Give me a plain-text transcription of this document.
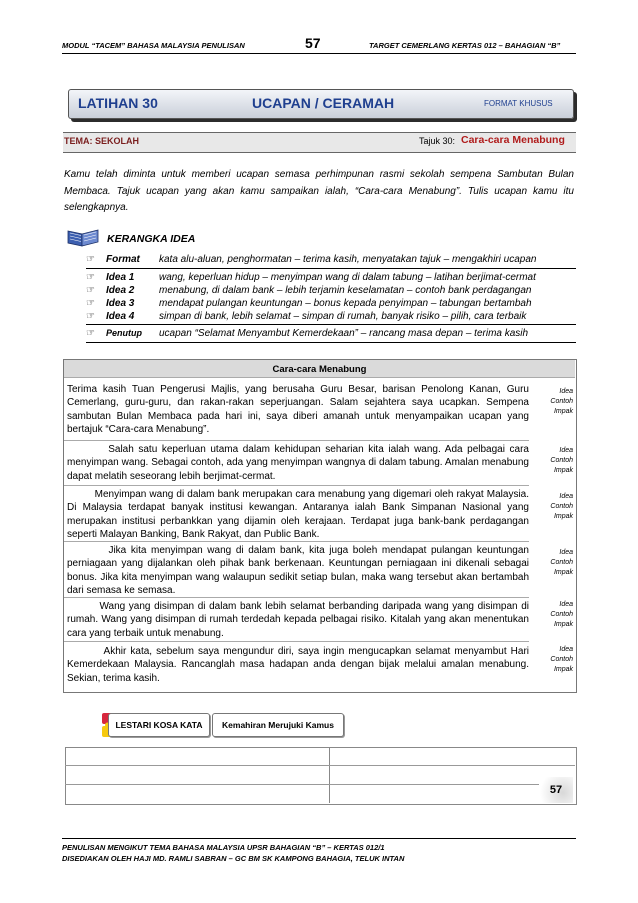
MODUL “TACEM” BAHASA MALAYSIA PENULISAN	57	TARGET CEMERLANG KERTAS 012 – BAHAGIAN “B”
LATIHAN 30	UCAPAN / CERAMAH	FORMAT KHUSUS
TEMA: SEKOLAH	Tajuk 30: Cara-cara Menabung
Kamu telah diminta untuk memberi ucapan semasa perhimpunan rasmi sekolah sempena Sambutan Bulan Membaca. Tajuk ucapan yang akan kamu sampaikan ialah, “Cara-cara Menabung”. Tulis ucapan kamu itu selengkapnya.
KERANGKA IDEA
☞ Format kata alu-aluan, penghormatan – terima kasih, menyatakan tajuk – mengakhiri ucapan
☞ Idea 1 wang, keperluan hidup – menyimpan wang di dalam tabung – latihan berjimat-cermat
☞ Idea 2 menabung, di dalam bank – lebih terjamin keselamatan – contoh bank perdagangan
☞ Idea 3 mendapat pulangan keuntungan – bonus kepada penyimpan – tabungan bertambah
☞ Idea 4 simpan di bank, lebih selamat – simpan di rumah, banyak risiko – pilih, cara terbaik
☞ Penutup ucapan “Selamat Menyambut Kemerdekaan” – rancang masa depan – terima kasih
Cara-cara Menabung
Terima kasih Tuan Pengerusi Majlis, yang berusaha Guru Besar, barisan Penolong Kanan, Guru Cemerlang, guru-guru, dan rakan-rakan seperjuangan. Salam sejahtera saya ucapkan. Sempena sambutan Bulan Membaca pada hari ini, saya diberi amanah untuk menyampaikan ucapan yang bertajuk “Cara-cara Menabung”.
Idea
Contoh
Impak
Salah satu keperluan utama dalam kehidupan seharian kita ialah wang. Ada pelbagai cara menyimpan wang. Sebagai contoh, ada yang menyimpan wangnya di dalam tabung. Amalan menabung dapat melatih seseorang lebih berjimat-cermat.
Idea
Contoh
Impak
Menyimpan wang di dalam bank merupakan cara menabung yang digemari oleh rakyat Malaysia. Di Malaysia terdapat banyak institusi kewangan. Antaranya ialah Bank Simpanan Nasional yang merupakan institusi perbankkan yang dijamin oleh kerajaan. Terdapat juga bank-bank perdagangan seperti Malayan Banking, Bank Rakyat, dan Public Bank.
Idea
Contoh
Impak
Jika kita menyimpan wang di dalam bank, kita juga boleh mendapat pulangan keuntungan perniagaan yang dijalankan oleh pihak bank berkenaan. Keuntungan perniagaan ini dikenali sebagai bonus. Jika kita menyimpan wang walaupun sedikit setiap bulan, maka wang tersebut akan bertambah dari semasa ke semasa.
Idea
Contoh
Impak
Wang yang disimpan di dalam bank lebih selamat berbanding daripada wang yang disimpan di rumah. Wang yang disimpan di rumah terdedah kepada pelbagai risiko. Kitalah yang akan menentukan cara yang terbaik untuk menabung.
Idea
Contoh
Impak
Akhir kata, sebelum saya mengundur diri, saya ingin mengucapkan selamat menyambut Hari Kemerdekaan Malaysia. Rancanglah masa hadapan anda dengan bijak melalui amalan menabung. Sekian, terima kasih.
Idea
Contoh
Impak
LESTARI KOSA KATA	Kemahiran Merujuki Kamus
57
PENULISAN MENGIKUT TEMA BAHASA MALAYSIA UPSR BAHAGIAN “B” – KERTAS 012/1
DISEDIAKAN OLEH HAJI MD. RAMLI SABRAN – GC BM SK KAMPONG BAHAGIA, TELUK INTAN
